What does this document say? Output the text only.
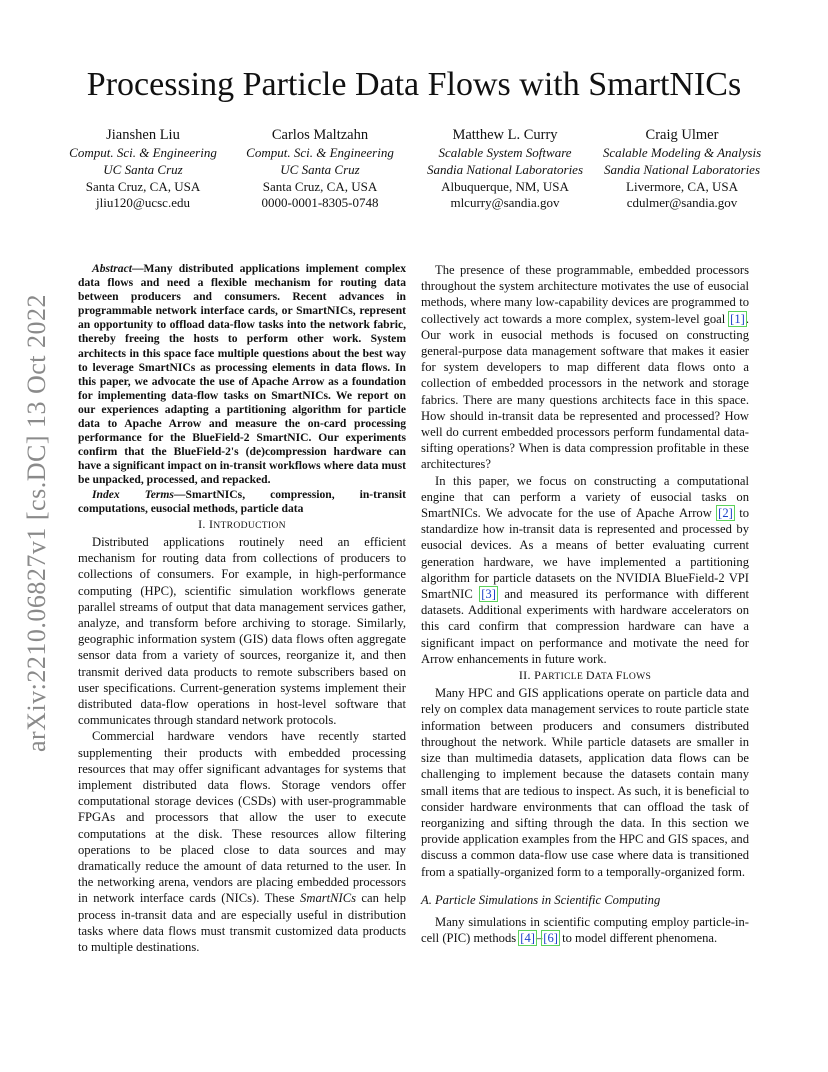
arXiv:2210.06827v1 [cs.DC] 13 Oct 2022
Processing Particle Data Flows with SmartNICs
Jianshen Liu
Comput. Sci. & Engineering
UC Santa Cruz
Santa Cruz, CA, USA
jliu120@ucsc.edu
Carlos Maltzahn
Comput. Sci. & Engineering
UC Santa Cruz
Santa Cruz, CA, USA
0000-0001-8305-0748
Matthew L. Curry
Scalable System Software
Sandia National Laboratories
Albuquerque, NM, USA
mlcurry@sandia.gov
Craig Ulmer
Scalable Modeling & Analysis
Sandia National Laboratories
Livermore, CA, USA
cdulmer@sandia.gov

Abstract—Many distributed applications implement complex data flows and need a flexible mechanism for routing data between producers and consumers. Recent advances in programmable network interface cards, or SmartNICs, represent an opportunity to offload data-flow tasks into the network fabric, thereby freeing the hosts to perform other work. System architects in this space face multiple questions about the best way to leverage SmartNICs as processing elements in data flows. In this paper, we advocate the use of Apache Arrow as a foundation for implementing data-flow tasks on SmartNICs. We report on our experiences adapting a partitioning algorithm for particle data to Apache Arrow and measure the on-card processing performance for the BlueField-2 SmartNIC. Our experiments confirm that the BlueField-2's (de)compression hardware can have a significant impact on in-transit workflows where data must be unpacked, processed, and repacked.

Index Terms—SmartNICs, compression, in-transit computations, eusocial methods, particle data

I. INTRODUCTION

Distributed applications routinely need an efficient mechanism for routing data from collections of producers to collections of consumers. For example, in high-performance computing (HPC), scientific simulation workflows generate parallel streams of output that data management services gather, analyze, and transform before archiving to storage. Similarly, geographic information system (GIS) data flows often aggregate sensor data from a variety of sources, reorganize it, and then transmit derived data products to remote subscribers based on user specifications. Current-generation systems implement their distributed data-flow operations in host-level software that communicates through standard network protocols.

Commercial hardware vendors have recently started supplementing their products with embedded processing resources that may offer significant advantages for systems that implement distributed data flows. Storage vendors offer computational storage devices (CSDs) with user-programmable FPGAs and processors that allow the user to execute computations at the disk. These resources allow filtering operations to be placed close to data sources and may dramatically reduce the amount of data returned to the user. In the networking arena, vendors are placing embedded processors in network interface cards (NICs). These SmartNICs can help process in-transit data and are especially useful in distribution tasks where data flows must transmit customized data products to multiple destinations.

The presence of these programmable, embedded processors throughout the system architecture motivates the use of eusocial methods, where many low-capability devices are programmed to collectively act towards a more complex, system-level goal [1]. Our work in eusocial methods is focused on constructing general-purpose data management software that makes it easier for system developers to map different data flows onto a collection of embedded processors in the network and storage fabrics. There are many questions architects face in this space. How should in-transit data be represented and processed? How well do current embedded processors perform fundamental data-sifting operations? When is data compression profitable in these architectures?

In this paper, we focus on constructing a computational engine that can perform a variety of eusocial tasks on SmartNICs. We advocate for the use of Apache Arrow [2] to standardize how in-transit data is represented and processed by eusocial devices. As a means of better evaluating current generation hardware, we have implemented a partitioning algorithm for particle datasets on the NVIDIA BlueField-2 VPI SmartNIC [3] and measured its performance with different datasets. Additional experiments with hardware accelerators on this card confirm that compression hardware can have a significant impact on performance and motivate the need for Arrow enhancements in future work.

II. PARTICLE DATA FLOWS

Many HPC and GIS applications operate on particle data and rely on complex data management services to route particle state information between producers and consumers distributed throughout the network. While particle datasets are smaller in size than multimedia datasets, application data flows can be challenging to implement because the datasets contain many small items that are tedious to inspect. As such, it is beneficial to consider hardware environments that can offload the task of reorganizing and sifting through the data. In this section we provide application examples from the HPC and GIS spaces, and discuss a common data-flow use case where data is transitioned from a spatially-organized form to a temporally-organized form.

A. Particle Simulations in Scientific Computing

Many simulations in scientific computing employ particle-in-cell (PIC) methods [4]–[6] to model different phenomena.
